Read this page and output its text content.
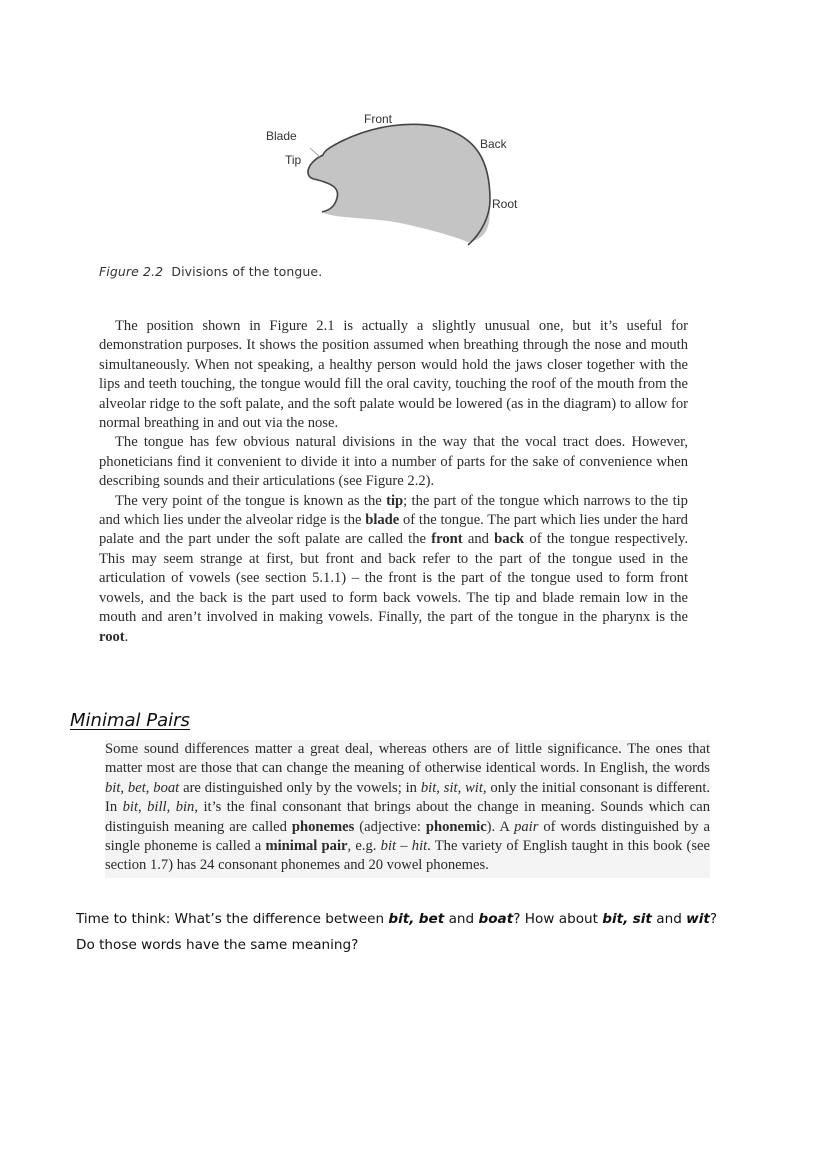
Front
Blade
Back
Tip
Root
Figure 2.2 Divisions of the tongue.

The position shown in Figure 2.1 is actually a slightly unusual one, but it’s useful for demonstration purposes. It shows the position assumed when breathing through the nose and mouth simultaneously. When not speaking, a healthy person would hold the jaws closer together with the lips and teeth touching, the tongue would fill the oral cavity, touching the roof of the mouth from the alveolar ridge to the soft palate, and the soft palate would be lowered (as in the diagram) to allow for normal breathing in and out via the nose.

The tongue has few obvious natural divisions in the way that the vocal tract does. However, phoneticians find it convenient to divide it into a number of parts for the sake of convenience when describing sounds and their articulations (see Figure 2.2).

The very point of the tongue is known as the tip; the part of the tongue which narrows to the tip and which lies under the alveolar ridge is the blade of the tongue. The part which lies under the hard palate and the part under the soft palate are called the front and back of the tongue respectively. This may seem strange at first, but front and back refer to the part of the tongue used in the articulation of vowels (see section 5.1.1) – the front is the part of the tongue used to form front vowels, and the back is the part used to form back vowels. The tip and blade remain low in the mouth and aren’t involved in making vowels. Finally, the part of the tongue in the pharynx is the root.

Minimal Pairs

Some sound differences matter a great deal, whereas others are of little significance. The ones that matter most are those that can change the meaning of otherwise identical words. In English, the words bit, bet, boat are distinguished only by the vowels; in bit, sit, wit, only the initial consonant is different. In bit, bill, bin, it’s the final consonant that brings about the change in meaning. Sounds which can distinguish meaning are called phonemes (adjective: phonemic). A pair of words distinguished by a single phoneme is called a minimal pair, e.g. bit – hit. The variety of English taught in this book (see section 1.7) has 24 consonant phonemes and 20 vowel phonemes.

Time to think: What’s the difference between bit, bet and boat? How about bit, sit and wit?
Do those words have the same meaning?
